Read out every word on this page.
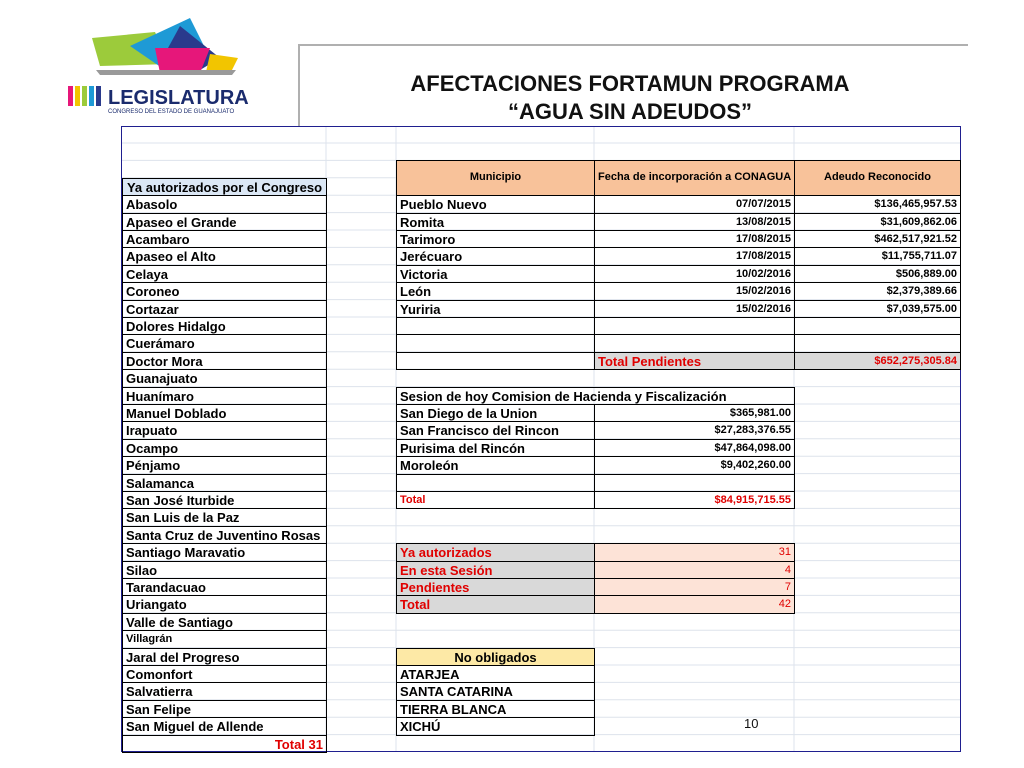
LEGISLATURA
CONGRESO DEL ESTADO DE GUANAJUATO
AFECTACIONES FORTAMUN PROGRAMA
“AGUA SIN ADEUDOS”
Ya autorizados por el Congreso
Abasolo
Apaseo el Grande
Acambaro
Apaseo el Alto
Celaya
Coroneo
Cortazar
Dolores Hidalgo
Cuerámaro
Doctor Mora
Guanajuato
Huanímaro
Manuel Doblado
Irapuato
Ocampo
Pénjamo
Salamanca
San José Iturbide
San Luis de la Paz
Santa Cruz de Juventino Rosas
Santiago Maravatio
Silao
Tarandacuao
Uriangato
Valle de Santiago
Villagrán
Jaral del Progreso
Comonfort
Salvatierra
San Felipe
San Miguel de Allende
Total 31
Municipio	Fecha de incorporación a CONAGUA	Adeudo Reconocido
Pueblo Nuevo	07/07/2015	$136,465,957.53
Romita	13/08/2015	$31,609,862.06
Tarimoro	17/08/2015	$462,517,921.52
Jerécuaro	17/08/2015	$11,755,711.07
Victoria	10/02/2016	$506,889.00
León	15/02/2016	$2,379,389.66
Yuriria	15/02/2016	$7,039,575.00
Total Pendientes	$652,275,305.84
Sesion de hoy Comision de Hacienda y Fiscalización
San Diego de la Union	$365,981.00
San Francisco del Rincon	$27,283,376.55
Purisima del Rincón	$47,864,098.00
Moroleón	$9,402,260.00
Total	$84,915,715.55
Ya autorizados	31
En esta Sesión	4
Pendientes	7
Total	42
No obligados
ATARJEA
SANTA CATARINA
TIERRA BLANCA
XICHÚ	10
